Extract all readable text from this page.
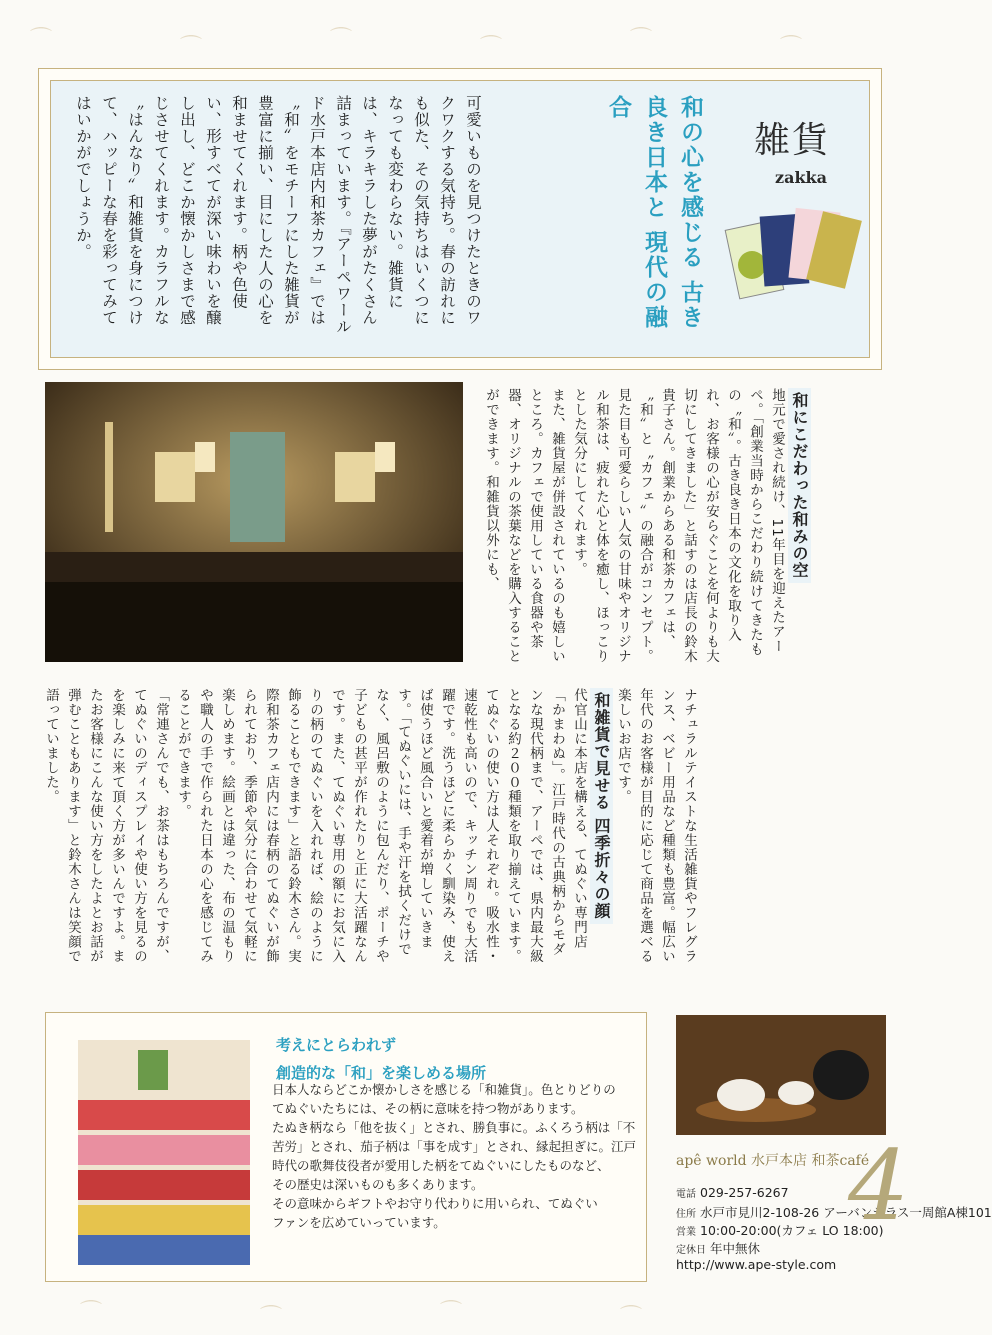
⌒	⌒	⌒	⌒	⌒	⌒
⌒	⌒	⌒	⌒
可愛いものを見つけたときのワクワクする気持ち。春の訪れにも似た、その気持ちはいくつになっても変わらない。雑貨には、キラキラした夢がたくさん詰まっています。『アーペワールド水戸本店内和茶カフェ』では〝和〟をモチーフにした雑貨が豊富に揃い、目にした人の心を和ませてくれます。柄や色使い、形すべてが深い味わいを醸し出し、どこか懐かしさまで感じさせてくれます。カラフルな〝はんなり〟和雑貨を身につけて、ハッピーな春を彩ってみてはいかがでしょうか。	和の心を感じる 古き良き日本と 現代の融合
雑貨
zakka
和にこだわった和みの空
地元で愛され続け、11年目を迎えたアーペ。「創業当時からこだわり続けてきたもの〝和〟。古き良き日本の文化を取り入れ、お客様の心が安らぐことを何よりも大切にしてきました」と話すのは店長の鈴木貴子さん。創業からある和茶カフェは、〝和〟と〝カフェ〟の融合がコンセプト。見た目も可愛らしい人気の甘味やオリジナル和茶は、疲れた心と体を癒し、ほっこりとした気分にしてくれます。
また、雑貨屋が併設されているのも嬉しいところ。カフェで使用している食器や茶器、オリジナルの茶葉などを購入することができます。和雑貨以外にも、
ナチュラルテイストな生活雑貨やフレグランス、ベビー用品など種類も豊富。幅広い年代のお客様が目的に応じて商品を選べる楽しいお店です。
和雑貨で見せる 四季折々の顔
代官山に本店を構える、てぬぐい専門店「かまわぬ」。江戸時代の古典柄からモダンな現代柄まで、アーペでは、県内最大級となる約２００種類を取り揃えています。
てぬぐいの使い方は人それぞれ。吸水性・速乾性も高いので、キッチン周りでも大活躍です。洗うほどに柔らかく馴染み、使えば使うほど風合いと愛着が増していきます。「てぬぐいには、手や汗を拭くだけでなく、風呂敷のように包んだり、ポーチや子どもの甚平が作れたりと正に大活躍なんです。また、てぬぐい専用の額にお気に入りの柄のてぬぐいを入れれば、絵のように飾ることもできます」と語る鈴木さん。実際和茶カフェ店内には春柄のてぬぐいが飾られており、季節や気分に合わせて気軽に楽しめます。絵画とは違った、布の温もりや職人の手で作られた日本の心を感じてみることができます。
「常連さんでも、お茶はもちろんですが、てぬぐいのディスプレイや使い方を見るのを楽しみに来て頂く方が多いんですよ。またお客様にこんな使い方をしたよとお話が弾むこともあります」と鈴木さんは笑顔で語っていました。
考えにとらわれず
創造的な「和」を楽しめる場所
日本人ならどこか懐かしさを感じる「和雑貨」。色とりどりの
てぬぐいたちには、その柄に意味を持つ物があります。
たぬき柄なら「他を抜く」とされ、勝負事に。ふくろう柄は「不
苦労」とされ、茄子柄は「事を成す」とされ、縁起担ぎに。江戸
時代の歌舞伎役者が愛用した柄をてぬぐいにしたものなど、
その歴史は深いものも多くあります。
その意味からギフトやお守り代わりに用いられ、てぬぐい
ファンを広めていっています。
apê world 水戸本店 和茶café
電話 029-257-6267
住所 水戸市見川2-108-26 アーバンテラス一周館A棟101
営業 10:00-20:00(カフェ LO 18:00)
定休日 年中無休
http://www.ape-style.com
4
